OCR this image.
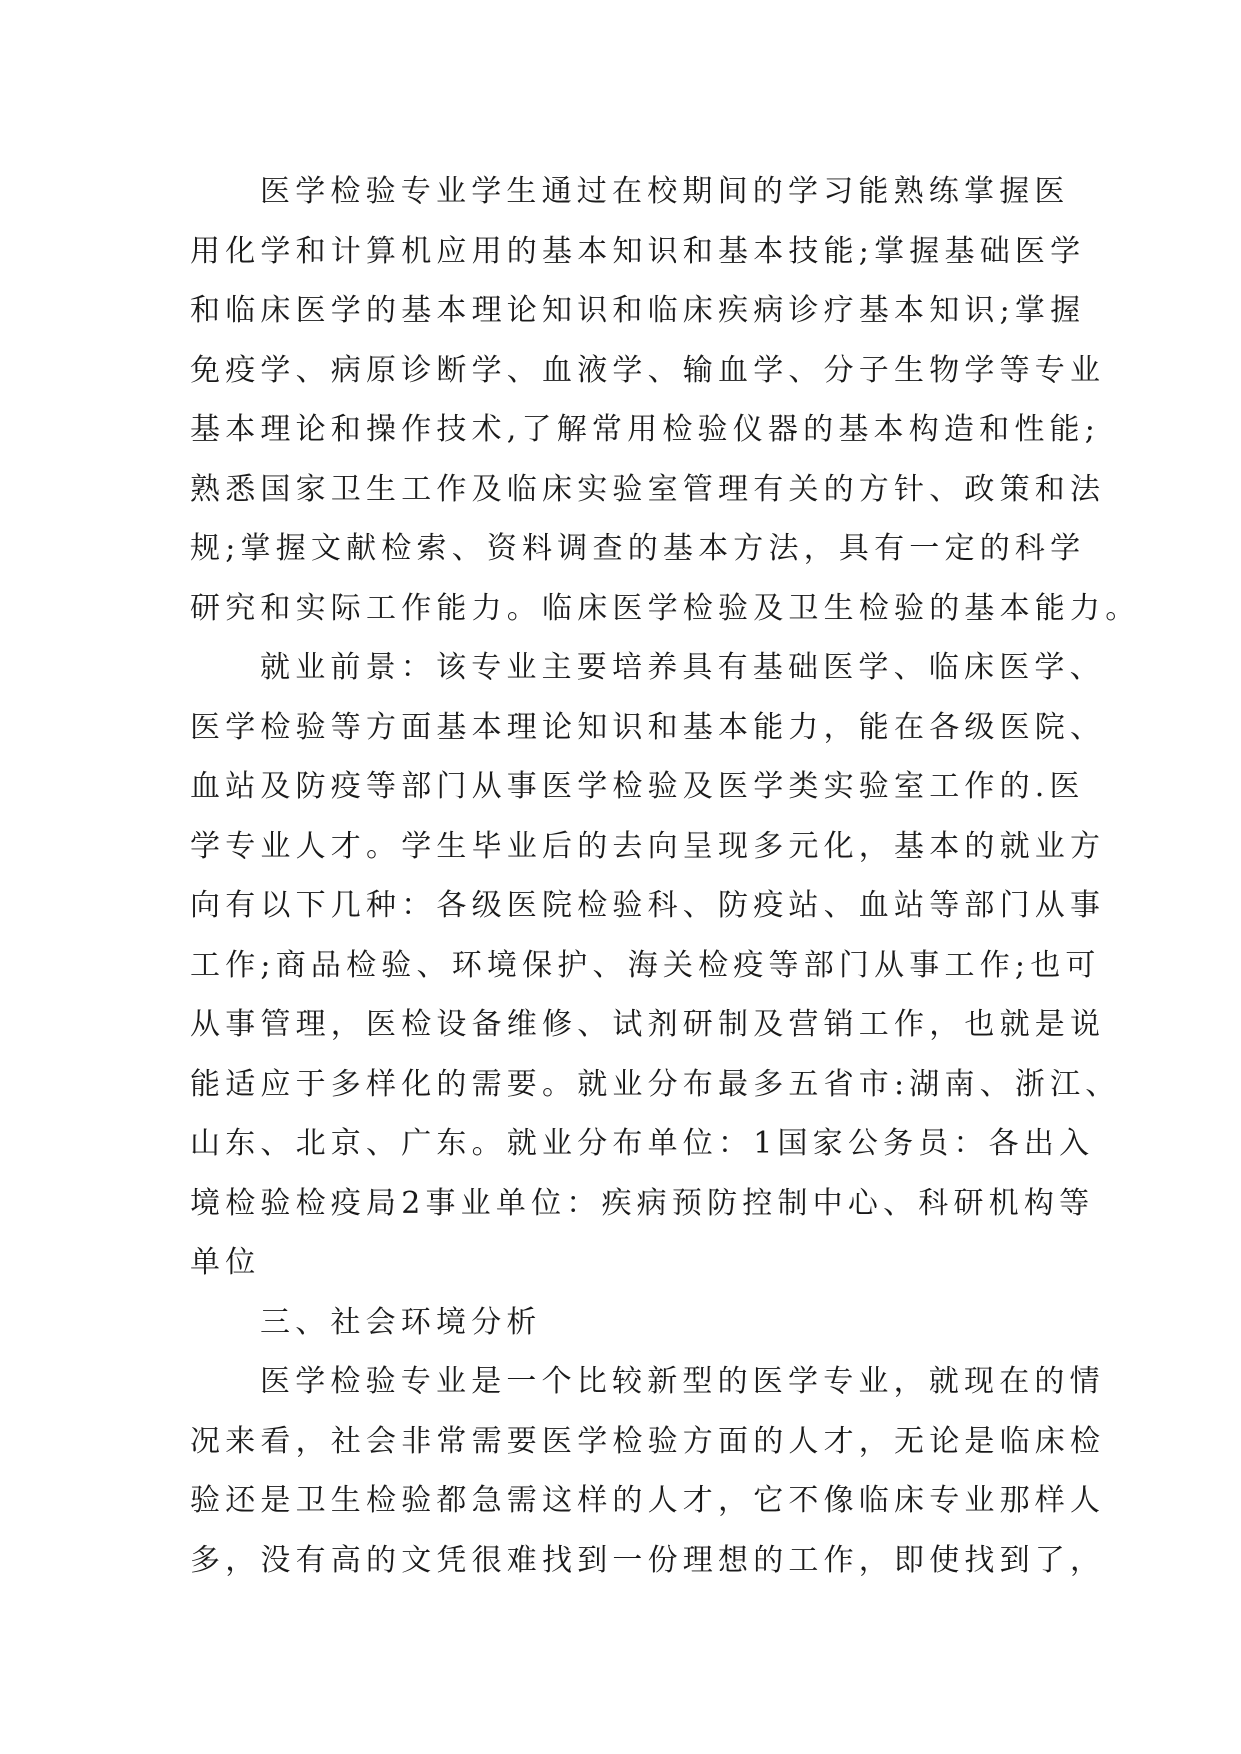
医学检验专业学生通过在校期间的学习能熟练掌握医
用化学和计算机应用的基本知识和基本技能;掌握基础医学
和临床医学的基本理论知识和临床疾病诊疗基本知识;掌握
免疫学、病原诊断学、血液学、输血学、分子生物学等专业
基本理论和操作技术,了解常用检验仪器的基本构造和性能;
熟悉国家卫生工作及临床实验室管理有关的方针、政策和法
规;掌握文献检索、资料调查的基本方法，具有一定的科学
研究和实际工作能力。临床医学检验及卫生检验的基本能力。
就业前景：该专业主要培养具有基础医学、临床医学、
医学检验等方面基本理论知识和基本能力，能在各级医院、
血站及防疫等部门从事医学检验及医学类实验室工作的.医
学专业人才。学生毕业后的去向呈现多元化，基本的就业方
向有以下几种：各级医院检验科、防疫站、血站等部门从事
工作;商品检验、环境保护、海关检疫等部门从事工作;也可
从事管理，医检设备维修、试剂研制及营销工作，也就是说
能适应于多样化的需要。就业分布最多五省市:湖南、浙江、
山东、北京、广东。就业分布单位：1国家公务员：各出入
境检验检疫局2事业单位：疾病预防控制中心、科研机构等
单位
三、社会环境分析
医学检验专业是一个比较新型的医学专业，就现在的情
况来看，社会非常需要医学检验方面的人才，无论是临床检
验还是卫生检验都急需这样的人才，它不像临床专业那样人
多，没有高的文凭很难找到一份理想的工作，即使找到了，
